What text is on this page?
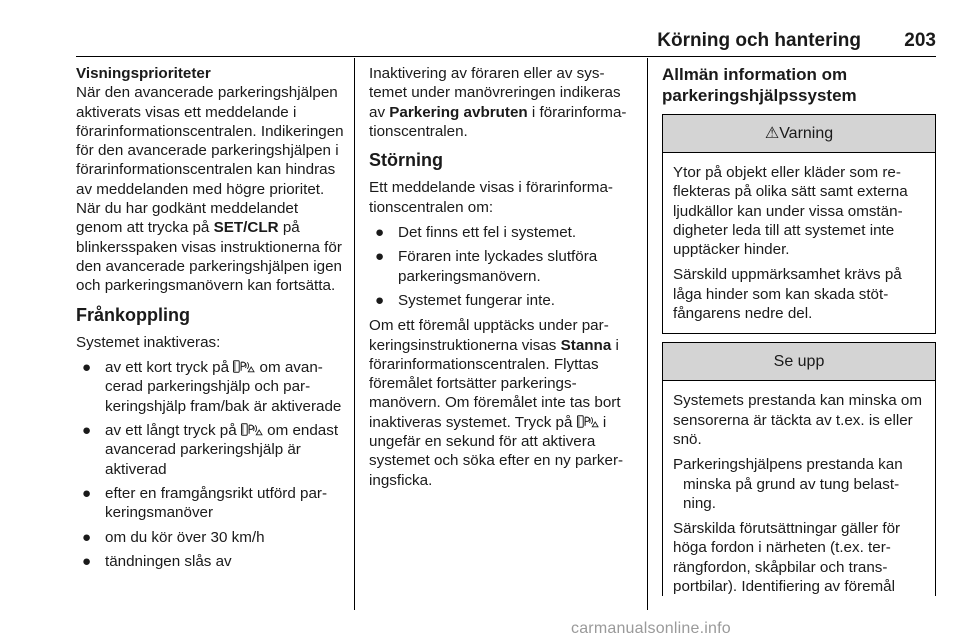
Körning och hantering 203
Visningsprioriteter

När den avancerade parkeringshjälpen aktiverats visas ett meddelande i förarinformationscentralen. Indikeringen för den avancerade parkeringshjälpen i förarinformationscentralen kan hindras av meddelanden med högre prioritet. När du har godkänt meddelandet genom att trycka på SET/CLR på blinkersspaken visas instruktionerna för den avancerade parkeringshjälpen igen och parkeringsmanövern kan fortsätta.

Frånkoppling

Systemet inaktiveras:

● av ett kort tryck på  om avancerad parkeringshjälp och parkeringshjälp fram/bak är aktiverade
● av ett långt tryck på  om endast avancerad parkeringshjälp är aktiverad
● efter en framgångsrikt utförd parkeringsmanöver
● om du kör över 30 km/h
● tändningen slås av

Inaktivering av föraren eller av systemet under manövreringen indikeras av Parkering avbruten i förarinformationscentralen.

Störning

Ett meddelande visas i förarinformationscentralen om:

● Det finns ett fel i systemet.
● Föraren inte lyckades slutföra parkeringsmanövern.
● Systemet fungerar inte.

Om ett föremål upptäcks under parkeringsinstruktionerna visas Stanna i förarinformationscentralen. Flyttas föremålet fortsätter parkeringsmanövern. Om föremålet inte tas bort inaktiveras systemet. Tryck på  i ungefär en sekund för att aktivera systemet och söka efter en ny parkeringsficka.

Allmän information om parkeringshjälpssystem
⚠Varning

Ytor på objekt eller kläder som reflekteras på olika sätt samt externa ljudkällor kan under vissa omständigheter leda till att systemet inte upptäcker hinder.

Särskild uppmärksamhet krävs på låga hinder som kan skada stötfångarens nedre del.

Se upp

Systemets prestanda kan minska om sensorerna är täckta av t.ex. is eller snö.

Parkeringshjälpens prestanda kan minska på grund av tung belastning.

Särskilda förutsättningar gäller för höga fordon i närheten (t.ex. terrängfordon, skåpbilar och transportbilar). Identifiering av föremål

carmanualsonline.info
